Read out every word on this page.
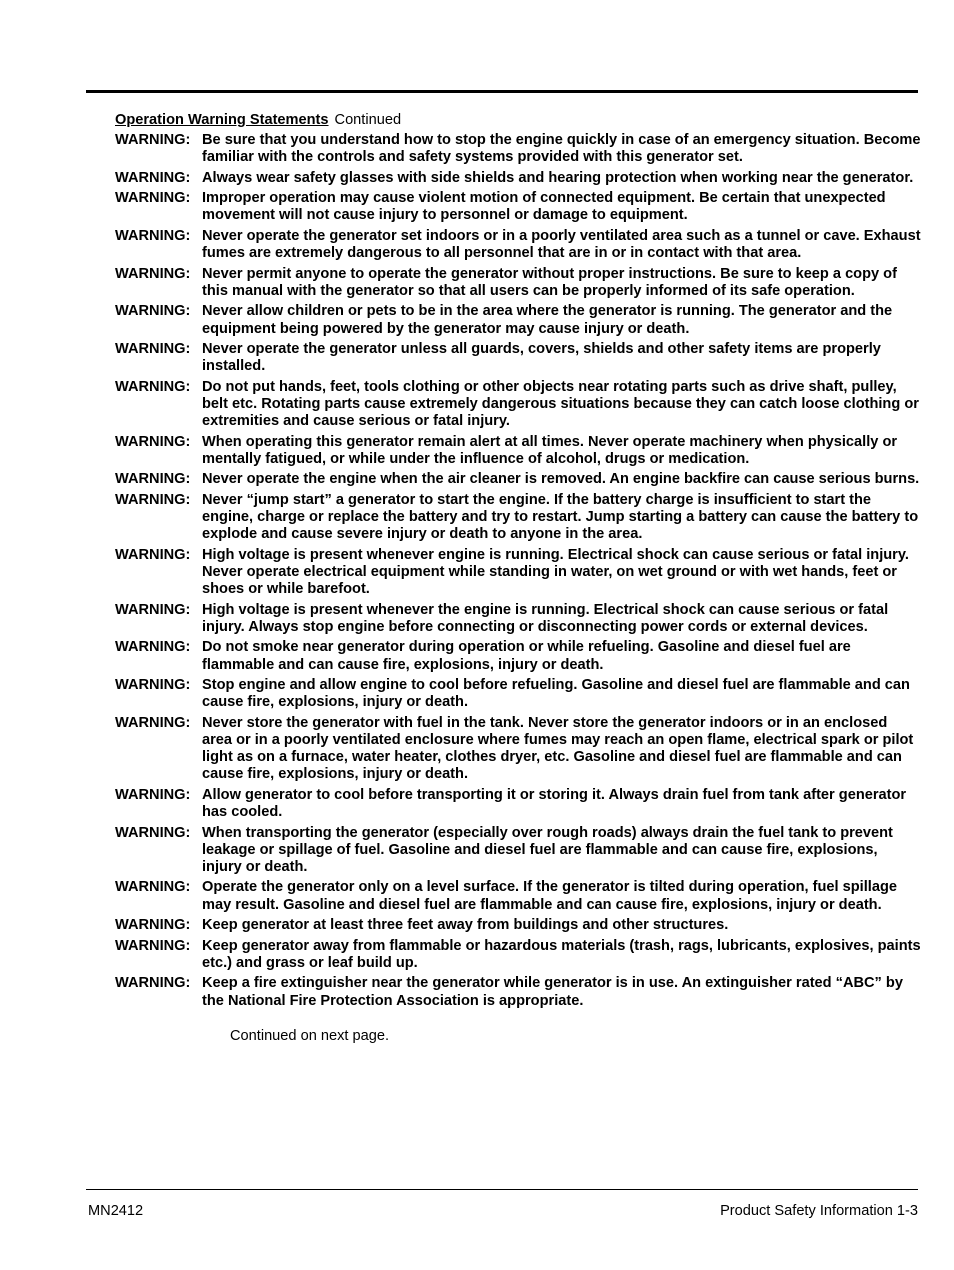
Operation Warning Statements Continued
WARNING: Be sure that you understand how to stop the engine quickly in case of an emergency situation. Become familiar with the controls and safety systems provided with this generator set.
WARNING: Always wear safety glasses with side shields and hearing protection when working near the generator.
WARNING: Improper operation may cause violent motion of connected equipment. Be certain that unexpected movement will not cause injury to personnel or damage to equipment.
WARNING: Never operate the generator set indoors or in a poorly ventilated area such as a tunnel or cave. Exhaust fumes are extremely dangerous to all personnel that are in or in contact with that area.
WARNING: Never permit anyone to operate the generator without proper instructions. Be sure to keep a copy of this manual with the generator so that all users can be properly informed of its safe operation.
WARNING: Never allow children or pets to be in the area where the generator is running. The generator and the equipment being powered by the generator may cause injury or death.
WARNING: Never operate the generator unless all guards, covers, shields and other safety items are properly installed.
WARNING: Do not put hands, feet, tools clothing or other objects near rotating parts such as drive shaft, pulley, belt etc. Rotating parts cause extremely dangerous situations because they can catch loose clothing or extremities and cause serious or fatal injury.
WARNING: When operating this generator remain alert at all times. Never operate machinery when physically or mentally fatigued, or while under the influence of alcohol, drugs or medication.
WARNING: Never operate the engine when the air cleaner is removed. An engine backfire can cause serious burns.
WARNING: Never “jump start” a generator to start the engine. If the battery charge is insufficient to start the engine, charge or replace the battery and try to restart. Jump starting a battery can cause the battery to explode and cause severe injury or death to anyone in the area.
WARNING: High voltage is present whenever engine is running. Electrical shock can cause serious or fatal injury. Never operate electrical equipment while standing in water, on wet ground or with wet hands, feet or shoes or while barefoot.
WARNING: High voltage is present whenever the engine is running. Electrical shock can cause serious or fatal injury. Always stop engine before connecting or disconnecting power cords or external devices.
WARNING: Do not smoke near generator during operation or while refueling. Gasoline and diesel fuel are flammable and can cause fire, explosions, injury or death.
WARNING: Stop engine and allow engine to cool before refueling. Gasoline and diesel fuel are flammable and can cause fire, explosions, injury or death.
WARNING: Never store the generator with fuel in the tank. Never store the generator indoors or in an enclosed area or in a poorly ventilated enclosure where fumes may reach an open flame, electrical spark or pilot light as on a furnace, water heater, clothes dryer, etc. Gasoline and diesel fuel are flammable and can cause fire, explosions, injury or death.
WARNING: Allow generator to cool before transporting it or storing it. Always drain fuel from tank after generator has cooled.
WARNING: When transporting the generator (especially over rough roads) always drain the fuel tank to prevent leakage or spillage of fuel. Gasoline and diesel fuel are flammable and can cause fire, explosions, injury or death.
WARNING: Operate the generator only on a level surface. If the generator is tilted during operation, fuel spillage may result. Gasoline and diesel fuel are flammable and can cause fire, explosions, injury or death.
WARNING: Keep generator at least three feet away from buildings and other structures.
WARNING: Keep generator away from flammable or hazardous materials (trash, rags, lubricants, explosives, paints etc.) and grass or leaf build up.
WARNING: Keep a fire extinguisher near the generator while generator is in use. An extinguisher rated “ABC” by the National Fire Protection Association is appropriate.
Continued on next page.
MN2412	Product Safety Information 1-3
